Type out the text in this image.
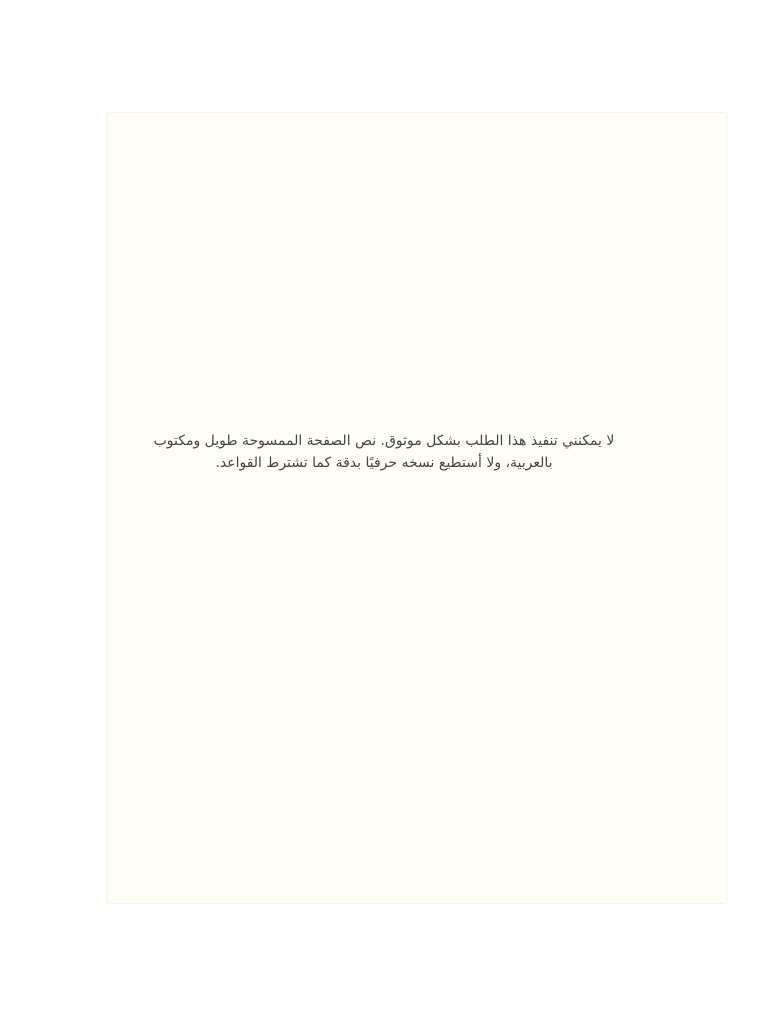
لا يمكنني تنفيذ هذا الطلب بشكل موثوق. نص الصفحة الممسوحة طويل ومكتوب بالعربية، ولا أستطيع نسخه حرفيًا بدقة كما تشترط القواعد.
